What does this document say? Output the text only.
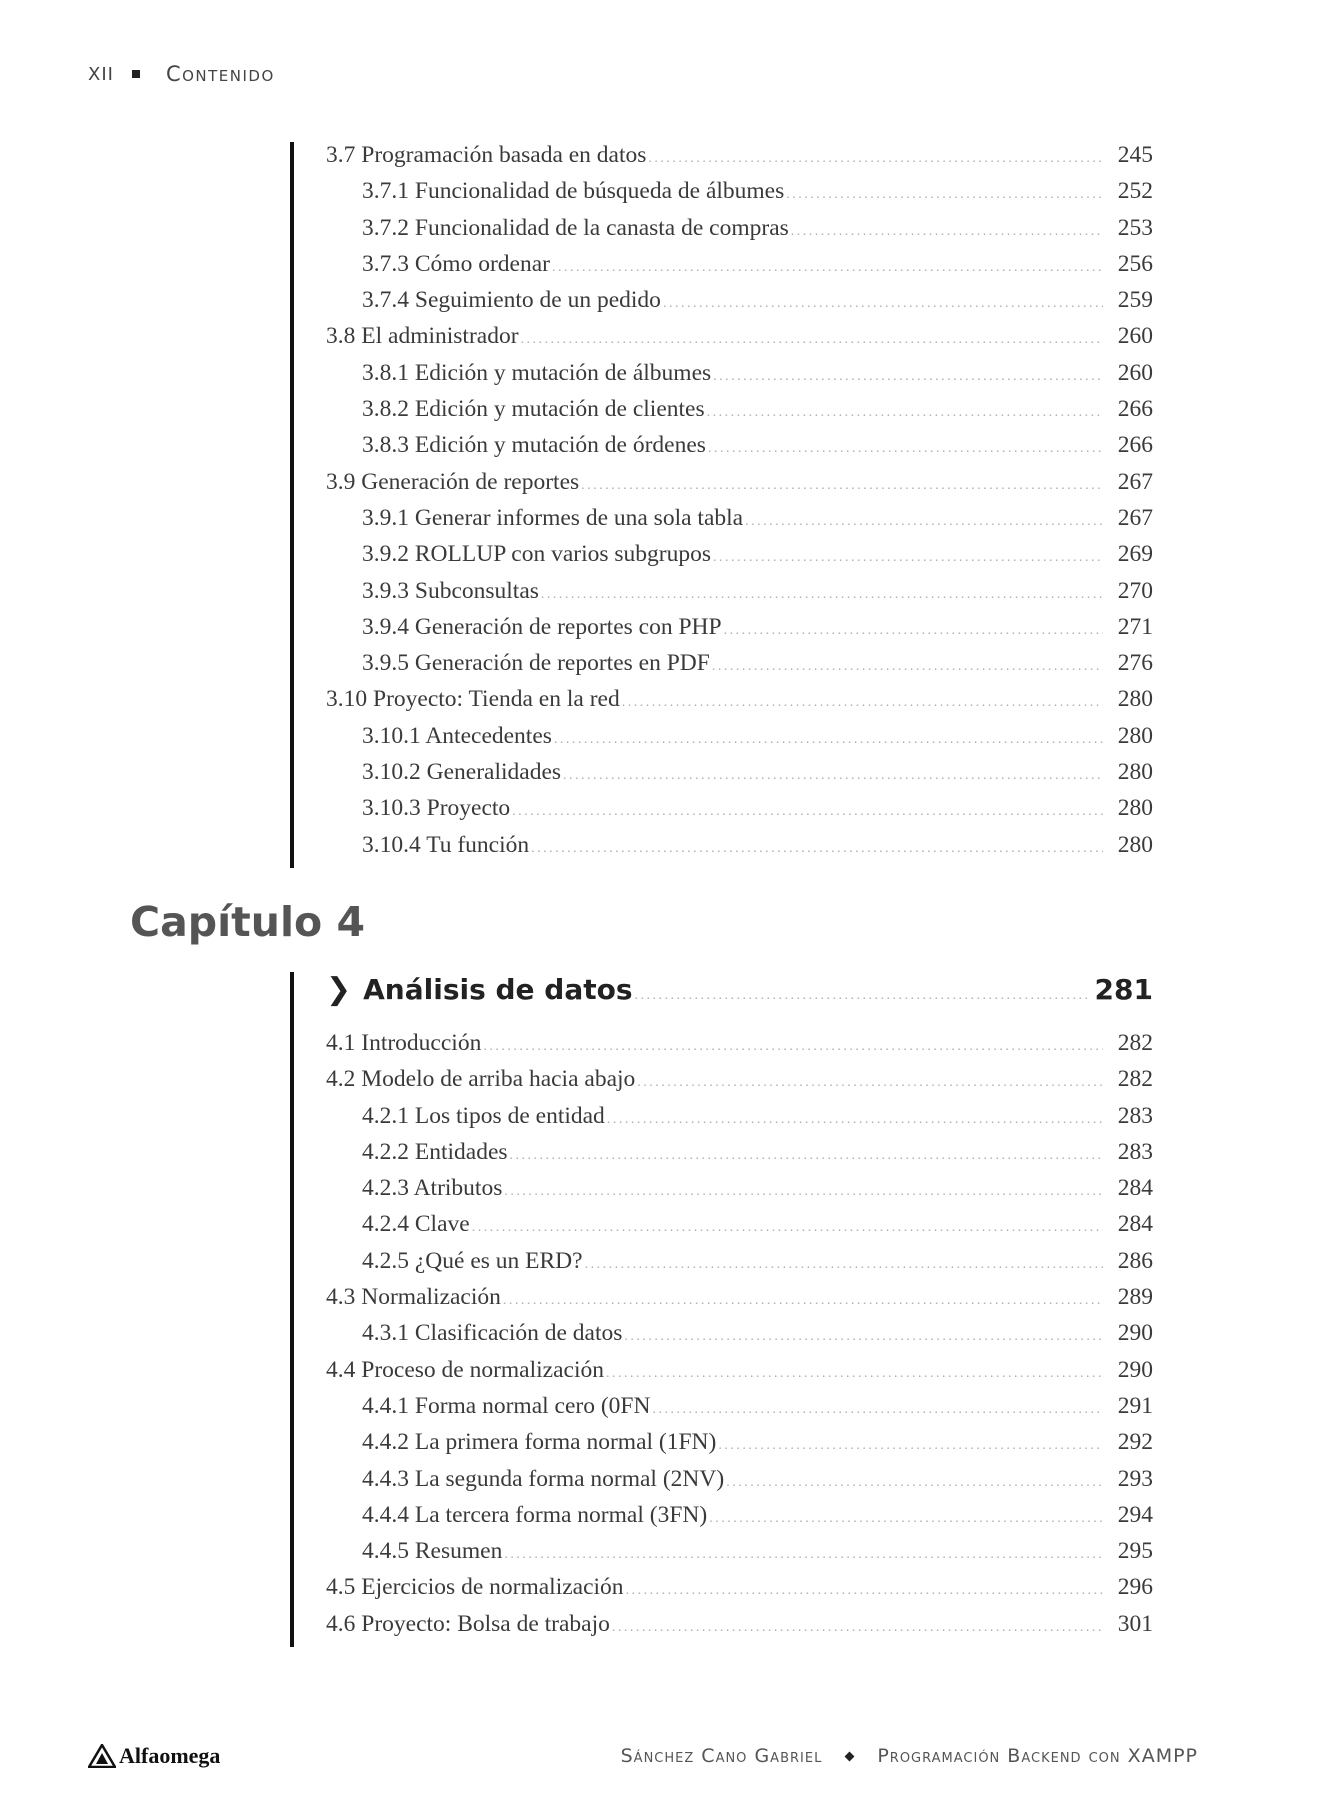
XII Contenido
3.7 Programación basada en datos .....	245
3.7.1 Funcionalidad de búsqueda de álbumes .....	252
3.7.2 Funcionalidad de la canasta de compras .....	253
3.7.3 Cómo ordenar .....	256
3.7.4 Seguimiento de un pedido .....	259
3.8 El administrador .....	260
3.8.1 Edición y mutación de álbumes .....	260
3.8.2 Edición y mutación de clientes .....	266
3.8.3 Edición y mutación de órdenes .....	266
3.9 Generación de reportes .....	267
3.9.1 Generar informes de una sola tabla .....	267
3.9.2 ROLLUP con varios subgrupos .....	269
3.9.3 Subconsultas .....	270
3.9.4 Generación de reportes con PHP .....	271
3.9.5 Generación de reportes en PDF .....	276
3.10 Proyecto: Tienda en la red .....	280
3.10.1 Antecedentes .....	280
3.10.2 Generalidades .....	280
3.10.3 Proyecto .....	280
3.10.4 Tu función .....	280
Capítulo 4
❯ Análisis de datos .....	281
4.1 Introducción .....	282
4.2 Modelo de arriba hacia abajo .....	282
4.2.1 Los tipos de entidad .....	283
4.2.2 Entidades .....	283
4.2.3 Atributos .....	284
4.2.4 Clave .....	284
4.2.5 ¿Qué es un ERD? .....	286
4.3 Normalización .....	289
4.3.1 Clasificación de datos .....	290
4.4 Proceso de normalización .....	290
4.4.1 Forma normal cero (0FN .....	291
4.4.2 La primera forma normal (1FN) .....	292
4.4.3 La segunda forma normal (2NV) .....	293
4.4.4 La tercera forma normal (3FN) .....	294
4.4.5 Resumen .....	295
4.5 Ejercicios de normalización .....	296
4.6 Proyecto: Bolsa de trabajo .....	301
Alfaomega	Sánchez Cano Gabriel	Programación Backend con XAMPP
